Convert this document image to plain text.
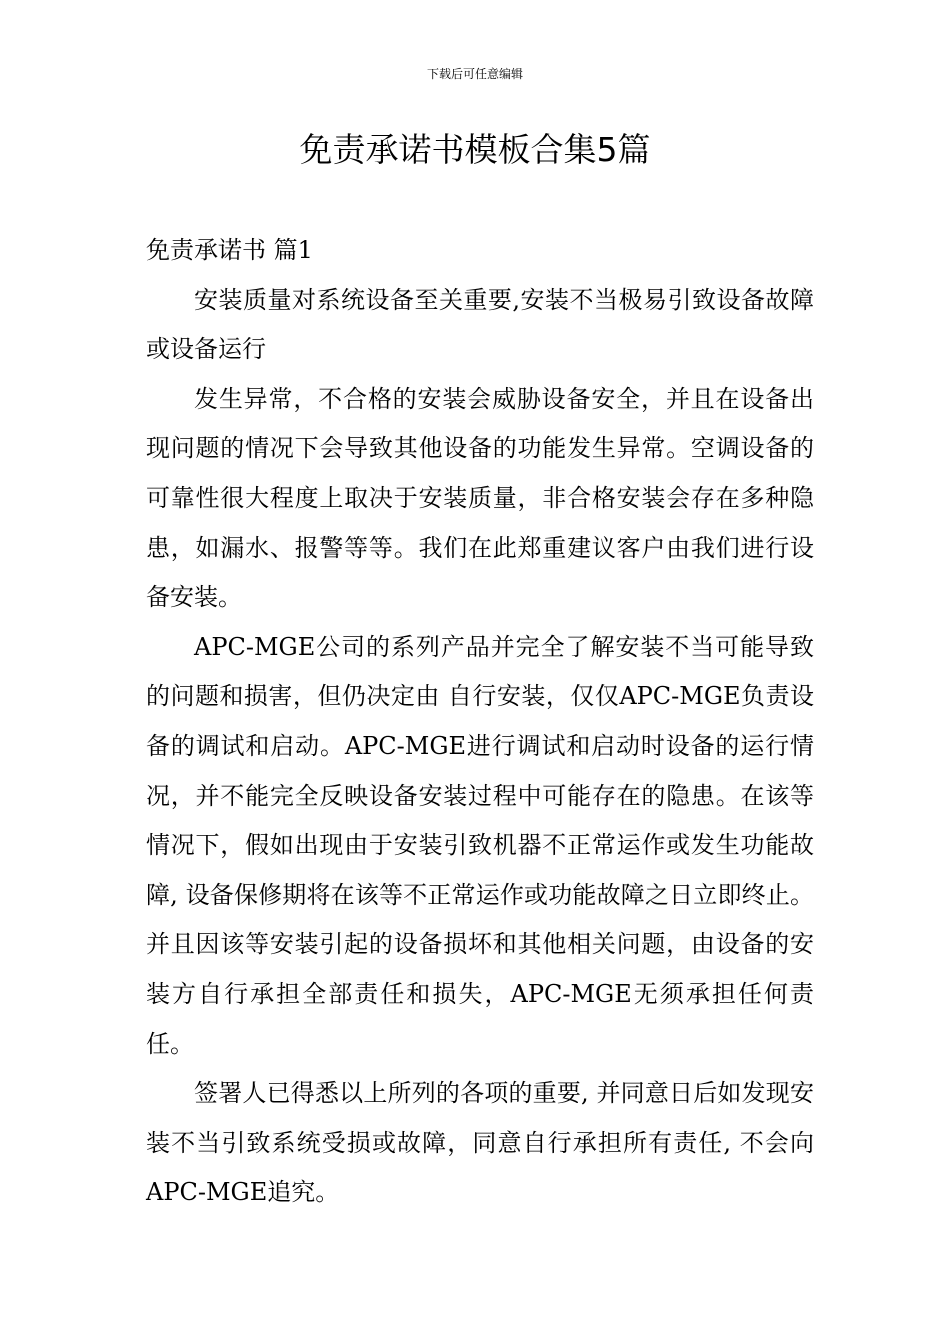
下载后可任意编辑
免责承诺书模板合集5篇
免责承诺书 篇1

安装质量对系统设备至关重要,安装不当极易引致设备故障或设备运行

发生异常，不合格的安装会威胁设备安全，并且在设备出现问题的情况下会导致其他设备的功能发生异常。空调设备的可靠性很大程度上取决于安装质量，非合格安装会存在多种隐患，如漏水、报警等等。我们在此郑重建议客户由我们进行设备安装。

APC-MGE公司的系列产品并完全了解安装不当可能导致的问题和损害，但仍决定由 自行安装，仅仅APC-MGE负责设备的调试和启动。APC-MGE进行调试和启动时设备的运行情况，并不能完全反映设备安装过程中可能存在的隐患。在该等情况下，假如出现由于安装引致机器不正常运作或发生功能故障, 设备保修期将在该等不正常运作或功能故障之日立即终止。并且因该等安装引起的设备损坏和其他相关问题，由设备的安装方自行承担全部责任和损失，APC-MGE无须承担任何责任。

签署人已得悉以上所列的各项的重要, 并同意日后如发现安装不当引致系统受损或故障，同意自行承担所有责任, 不会向APC-MGE追究。
